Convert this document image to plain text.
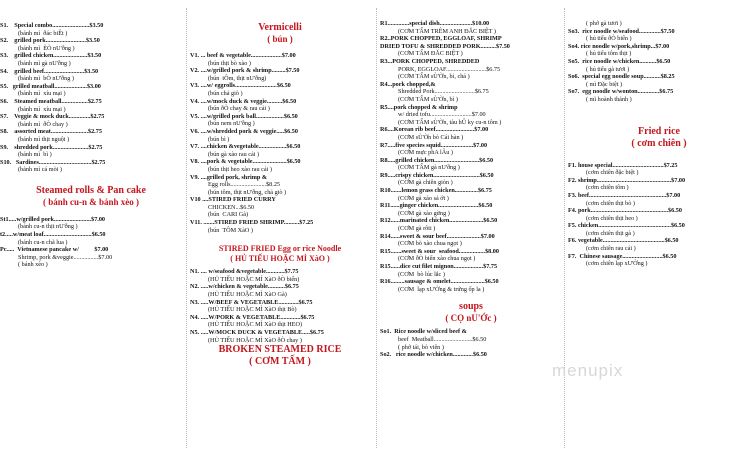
S1.    Special combo........................$3.50
(bánh mì  ðác biÊt )
S2.    grilled pork..........................$3.50
(bánh mì  ÈÒ nU'ðng )
S3.    grilled chicken......................$3.50
(bánh mì gà nU'ðng )
S4.    grilled beef..........................$3.50
(bánh mì  bÒ nU'ðng )
S5.   grilled meatball.....................$3.00
(bánh mì  xíu mại )
S6.    Steamed meatball.................$2.75
(bánh mì  xíu mại )
S7.    Veggie & mock duck..............$2.75
(bánh mì  ðÒ chay )
S8.    assorted meat........................$2.75
(bánh mì thịt nguội )
S9.    shredded pork.......................$2.75
(bánh mì  bì )
S10.   Sardines..................................$2.75
(bánh mì cá mòi )
Steamed rolls & Pan cake
( bánh cu-n & bánh xèo )
St1.....w/grilled pork........................$7.00
(bánh cu-n thịt nU'ðng )
t2.....w/meat loaf...............................$6.50
(bánh cu-n chã lua )
Pc.....  Vietnamese pancake w/          $7.00
Shrimp, pork &veggie................$7.00
( bánh xèo )
Vermicelli
( bún )
V1. ... beef & vegetable....................$7.00
(bún thịt bò xào )
V2. ....w/grilled pork & shrimp.........$7.50
(bún  tÔm, thịt nU'ðng)
V3. ....w/ eggrolls...........................$6.50
(bún chả giò )
V4. ....w/mock duck & veggie..........$6.50
(bún ðÒ chay & rau cải )
V5. ....w/grilled pork ball..................$6.50
(bún nem nU'ðng )
V6. ....w/shredded pork & veggie.....$6.50
(bún bì )
V7. ....chicken &vegetable..................$6.50
(bún gà xào rau cải )
V8. ....pork & vegetable......................$6.50
(bún thịt heo xào rau cải )
V9. ....grilled pork, shrimp &
Egg rolls.......................$8.25
(bún tôm, thịt nU'ðng, chả giò )
V10 ....STIRED FRIED CURRY
CHICKEN...$6.50
(bún  CARI Gà)
V11. .......STIRED FRIED SHRIMP..........$7.25
(bún  TÔM XàO )
STIRED FRIED Egg or rice Noodle
( HỦ TIẾU HOẶC MÌ XàO )
N1. .... w/seafood &vegetable............$7.75
(HỦ TIẾU HOẶC MÌ XàO ðÒ biển)
N2. .....w/chicken & vegetable...........$6.75
(HỦ TIẾU HOẶC MÌ XàO Gà)
N3. .....W/BEEF & VEGETABLE.............$6.75
(HỦ TIẾU HOẶC MÌ XàO thịt Bò)
N4. .....W/PORK & VEGETABLE.............$6.75
(HỦ TIẾU HOẶC MÌ XàO thịt HEO)
N5. .....W/MOCK DUCK & VEGETABLE.....$6.75
(HỦ TIẾU HOẶC MÌ XàO ðÒ chay )
BROKEN STEAMED RICE
( CƠM TẤM )
R1..............special dish.....................$10.00
(CƠM TẤM TRÊM ANH ÐĂC BIỆT )
R2..PORK CHOPPED, EGGLOAF, SHRIMP
DRIED TOFU & SHREDDED PORK..........$7.50
(CƠM TẤM ÐĂC BIỆT )
R3...PORK CHOPPED, SHREDDED
PORK, EGGLOAF..........................$6.75
(CƠM TẤM sÙ'Ờn, bì, chả )
R4...pork chopped,&
Shredded Pork..........................$6.75
(CƠM TẤM sÙ'Ờn, bì )
R5....pork chopped & shrimp
w/ dried tofu...........................$7.00
(CƠM TẤM sÙ'Ờn, tàu hÛ ky cu-n tôm )
R6....Korean rib beef.........................$7.00
(CƠM sÙ'Ờn bò Cái hàn )
R7.....five species squid.....................$7.00
(CƠM mực phA lÂu )
R8.....grilled chicken.............................$6.50
(CƠM TẤM gà nU'ðng )
R9.....crispy chicken..............................$6.50
(CƠM gà chiên giòn )
R10.......lemon grass chicken...............$6.75
(CƠM gà xào sả ớt )
R11......ginger chicken..........................$6.50
(CƠM gà xào gừng )
R12......marinated chicken......................$6.50
(CƠM gà rôti )
R14......sweet & sour beef......................$7.00
(CƠM bò xào chua ngọt )
R15.......sweet & sour  seafood.................$8.00
(CƠM ðÒ biển xào chua ngọt )
R15......dice cut filet mignon...................$7.75
(CƠM  bò lúc lắc )
R16.........sausage & omelet......................$6.50
(CƠM  lạp xU'Ờng & trứng ốp la )
soups
( CỌ nU'Ớc )
So1.  Rice noodle w/sliced beef &
beef  Meatball.........................$6.50
( phở tái, bò viên )
So2.   rice noodle w/chicken.............$6.50
( phở gà tươi )
So3.  rice noodle w/seafood..............$7.50
( hủ tiếu ðÒ biển )
So4. rice noodle w/pork,shrimp...$7.00
( hủ tiếu tôm thịt )
So5.  rice noodle w/chicken...........$6.50
( hủ tiếu gà tươi )
So6.  special egg noodle soup...........$8.25
( mì Ðặc biệt )
So7.  egg noodle w/wonton..............$6.75
( mì hoành thánh )
Fried rice
( cơm chiên )
F1. house special.................................$7.25
(cơm chiên ðặc biệt )
F2. shrimp................................................$7.00
(cơm chiên tôm )
F3. beef..................................................$7.00
(cơm chiên thịt bò )
F4. pork..................................................$6.50
(cơm chiên thịt heo )
F5. chicken...............................................$6.50
(cơm chiên thịt gà )
F6. vegetable........................................$6.50
(cơm chiên rau cải )
F7.  Chinese sausage..........................$6.50
(cơm chiên lạp xU'Ờng )
menupix
